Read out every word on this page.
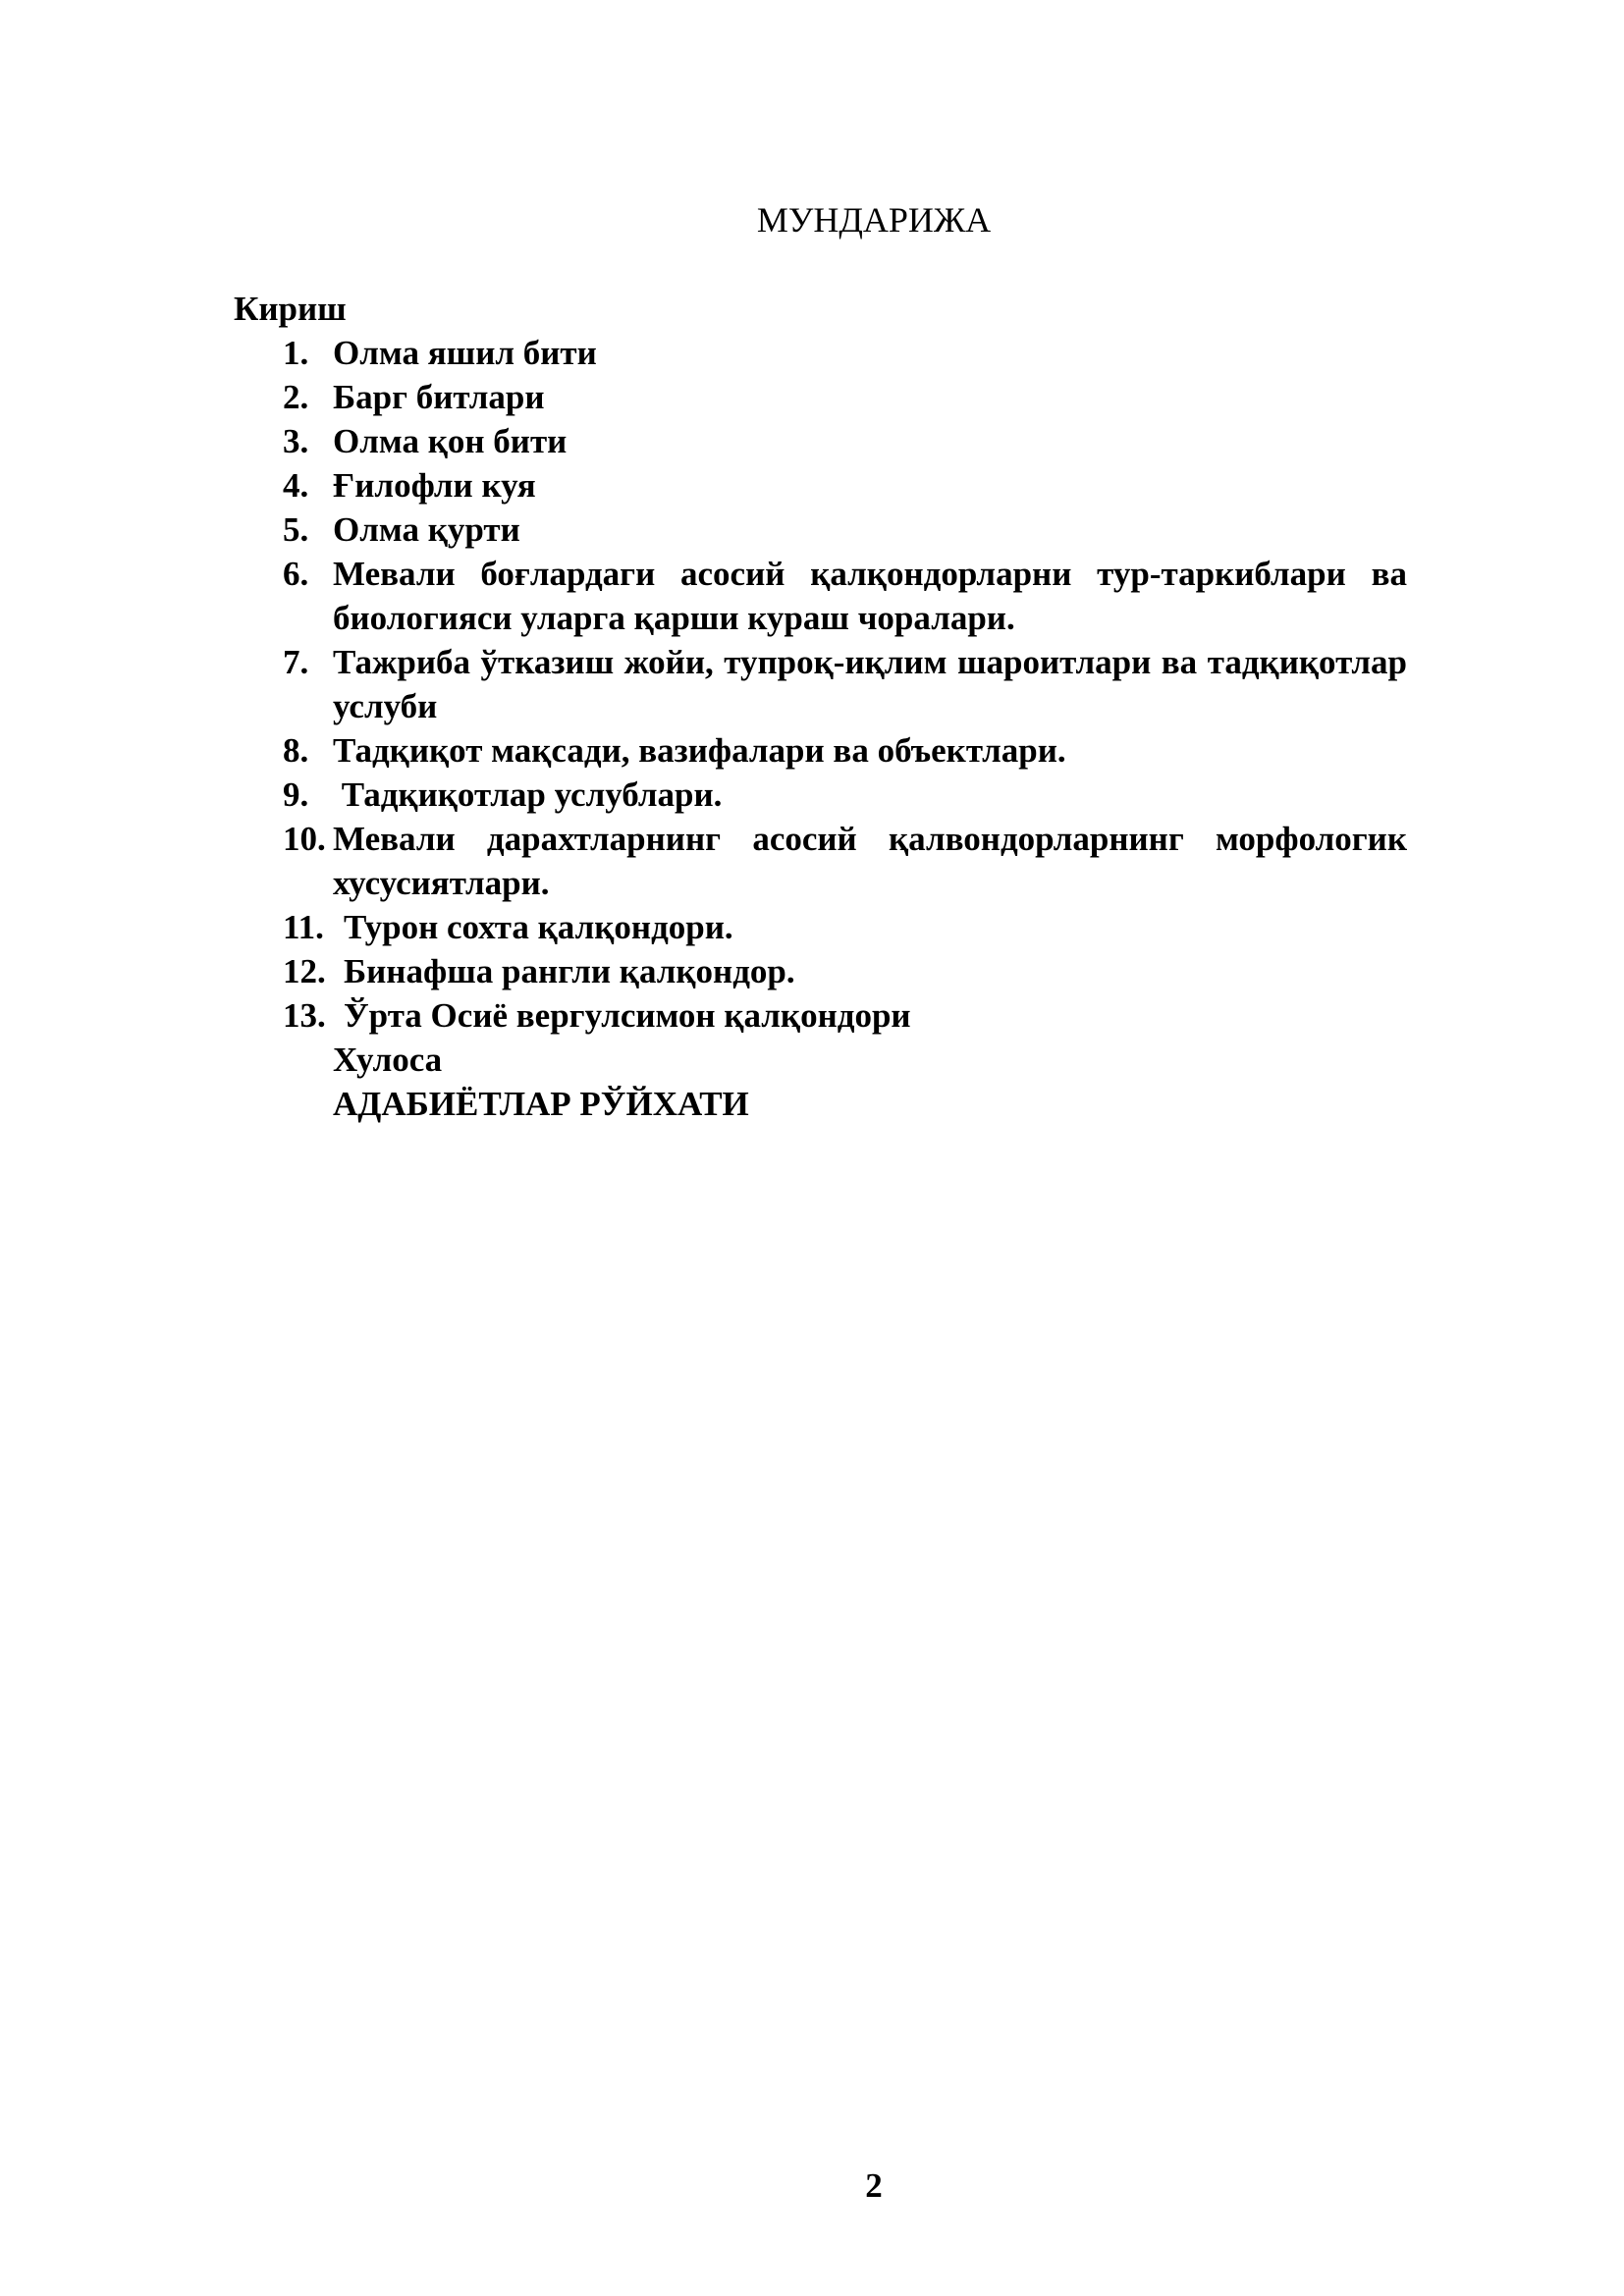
МУНДАРИЖА
Кириш
1. Олма яшил бити
2. Барг битлари
3. Олма қон бити
4. Ғилофли куя
5. Олма қурти
6. Мевали боғлардаги асосий қалқондорларни тур-таркиблари ва биологияси уларга қарши кураш чоралари.
7. Тажриба ўтказиш жойи, тупроқ-иқлим шароитлари ва тадқиқотлар услуби
8. Тадқиқот мақсади, вазифалари ва объектлари.
9. Тадқиқотлар услублари.
10. Мевали дарахтларнинг асосий қалвондорларнинг морфологик хусусиятлари.
11. Турон сохта қалқондори.
12. Бинафша рангли қалқондор.
13. Ўрта Осиё вергулсимон қалқондори
Хулоса
АДАБИЁТЛАР РЎЙХАТИ
2
